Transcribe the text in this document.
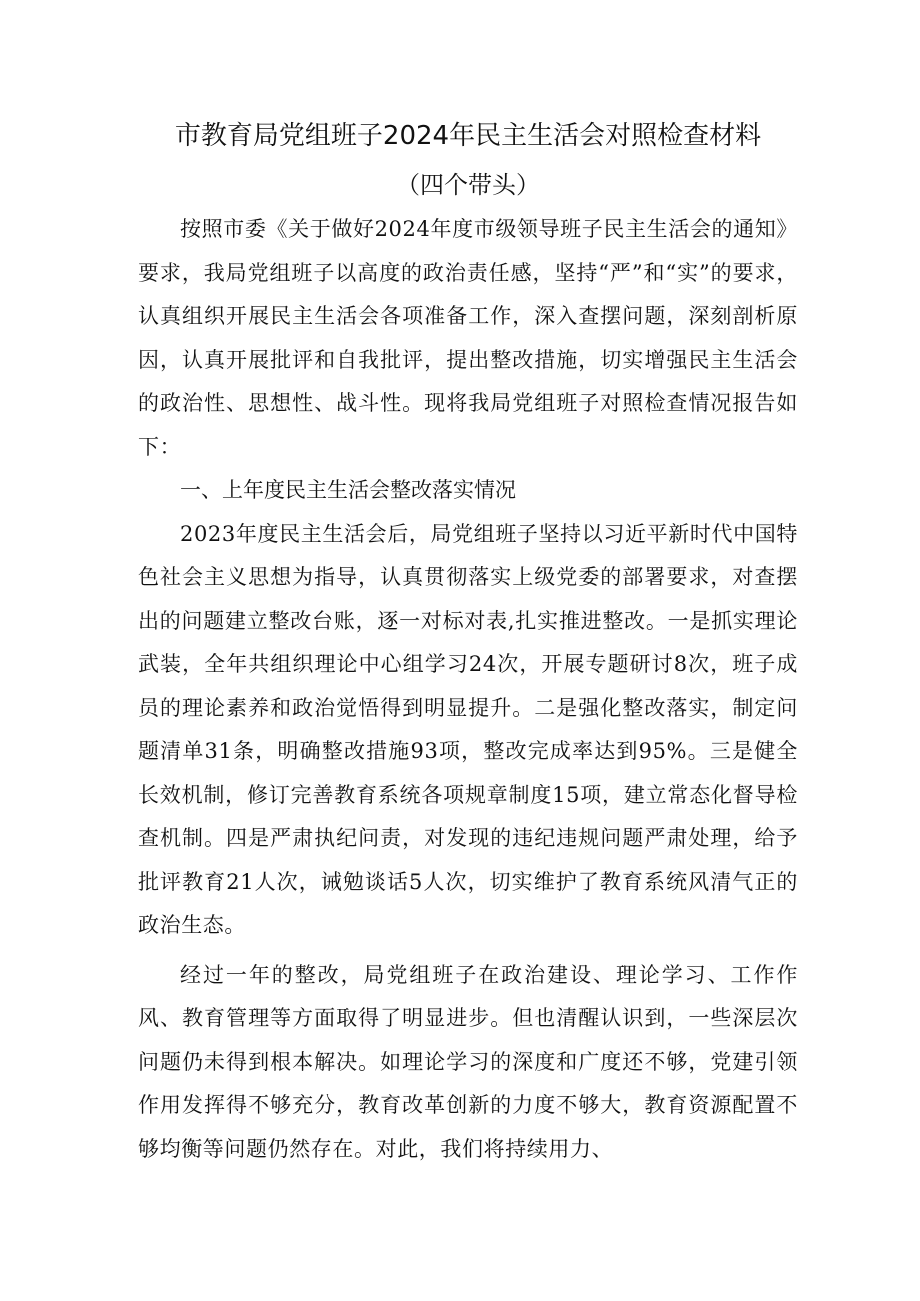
市教育局党组班子2024年民主生活会对照检查材料
（四个带头）

按照市委《关于做好2024年度市级领导班子民主生活会的通知》要求，我局党组班子以高度的政治责任感，坚持“严”和“实”的要求，认真组织开展民主生活会各项准备工作，深入查摆问题，深刻剖析原因，认真开展批评和自我批评，提出整改措施，切实增强民主生活会的政治性、思想性、战斗性。现将我局党组班子对照检查情况报告如下：

一、上年度民主生活会整改落实情况

2023年度民主生活会后，局党组班子坚持以习近平新时代中国特色社会主义思想为指导，认真贯彻落实上级党委的部署要求，对查摆出的问题建立整改台账，逐一对标对表,扎实推进整改。一是抓实理论武装，全年共组织理论中心组学习24次，开展专题研讨8次，班子成员的理论素养和政治觉悟得到明显提升。二是强化整改落实，制定问题清单31条，明确整改措施93项，整改完成率达到95%。三是健全长效机制，修订完善教育系统各项规章制度15项，建立常态化督导检查机制。四是严肃执纪问责，对发现的违纪违规问题严肃处理，给予批评教育21人次，诫勉谈话5人次，切实维护了教育系统风清气正的政治生态。

经过一年的整改，局党组班子在政治建设、理论学习、工作作风、教育管理等方面取得了明显进步。但也清醒认识到，一些深层次问题仍未得到根本解决。如理论学习的深度和广度还不够，党建引领作用发挥得不够充分，教育改革创新的力度不够大，教育资源配置不够均衡等问题仍然存在。对此，我们将持续用力、
